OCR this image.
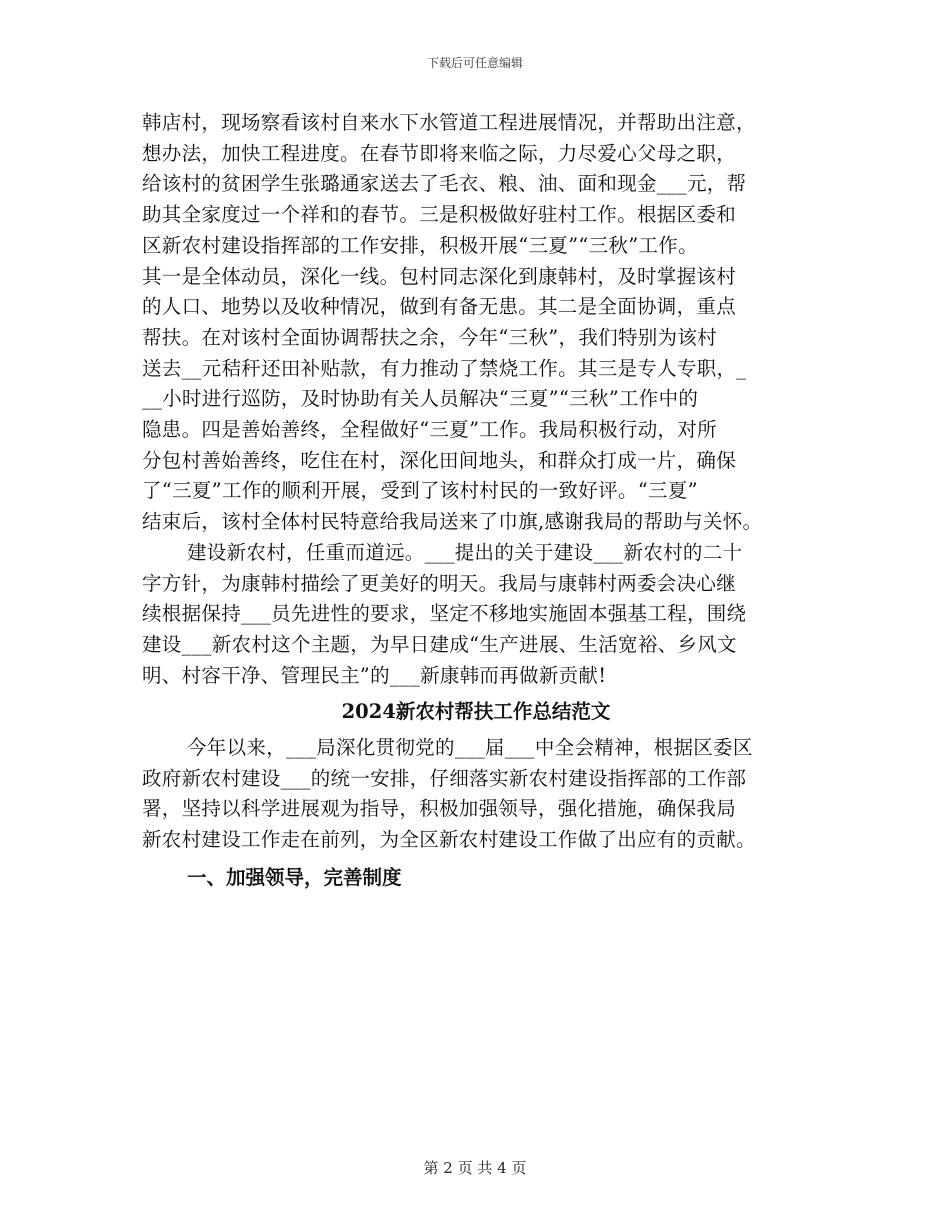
下载后可任意编辑
韩店村，现场察看该村自来水下水管道工程进展情况，并帮助出注意，
想办法，加快工程进度。在春节即将来临之际，力尽爱心父母之职，
给该村的贫困学生张璐通家送去了毛衣、粮、油、面和现金___元，帮
助其全家度过一个祥和的春节。三是积极做好驻村工作。根据区委和
区新农村建设指挥部的工作安排，积极开展“三夏”“三秋”工作。
其一是全体动员，深化一线。包村同志深化到康韩村，及时掌握该村
的人口、地势以及收种情况，做到有备无患。其二是全面协调，重点
帮扶。在对该村全面协调帮扶之余，今年“三秋”，我们特别为该村
送去__元秸秆还田补贴款，有力推动了禁烧工作。其三是专人专职，_
__小时进行巡防，及时协助有关人员解决“三夏”“三秋”工作中的
隐患。四是善始善终，全程做好“三夏”工作。我局积极行动，对所
分包村善始善终，吃住在村，深化田间地头，和群众打成一片，确保
了“三夏”工作的顺利开展，受到了该村村民的一致好评。“三夏”
结束后，该村全体村民特意给我局送来了巾旗,感谢我局的帮助与关怀。
建设新农村，任重而道远。___提出的关于建设___新农村的二十
字方针，为康韩村描绘了更美好的明天。我局与康韩村两委会决心继
续根据保持___员先进性的要求，坚定不移地实施固本强基工程，围绕
建设___新农村这个主题，为早日建成“生产进展、生活宽裕、乡风文
明、村容干净、管理民主”的___新康韩而再做新贡献!
2024新农村帮扶工作总结范文
今年以来，___局深化贯彻党的___届___中全会精神，根据区委区
政府新农村建设___的统一安排，仔细落实新农村建设指挥部的工作部
署，坚持以科学进展观为指导，积极加强领导，强化措施，确保我局
新农村建设工作走在前列，为全区新农村建设工作做了出应有的贡献。
一、加强领导，完善制度
第 2 页 共 4 页
